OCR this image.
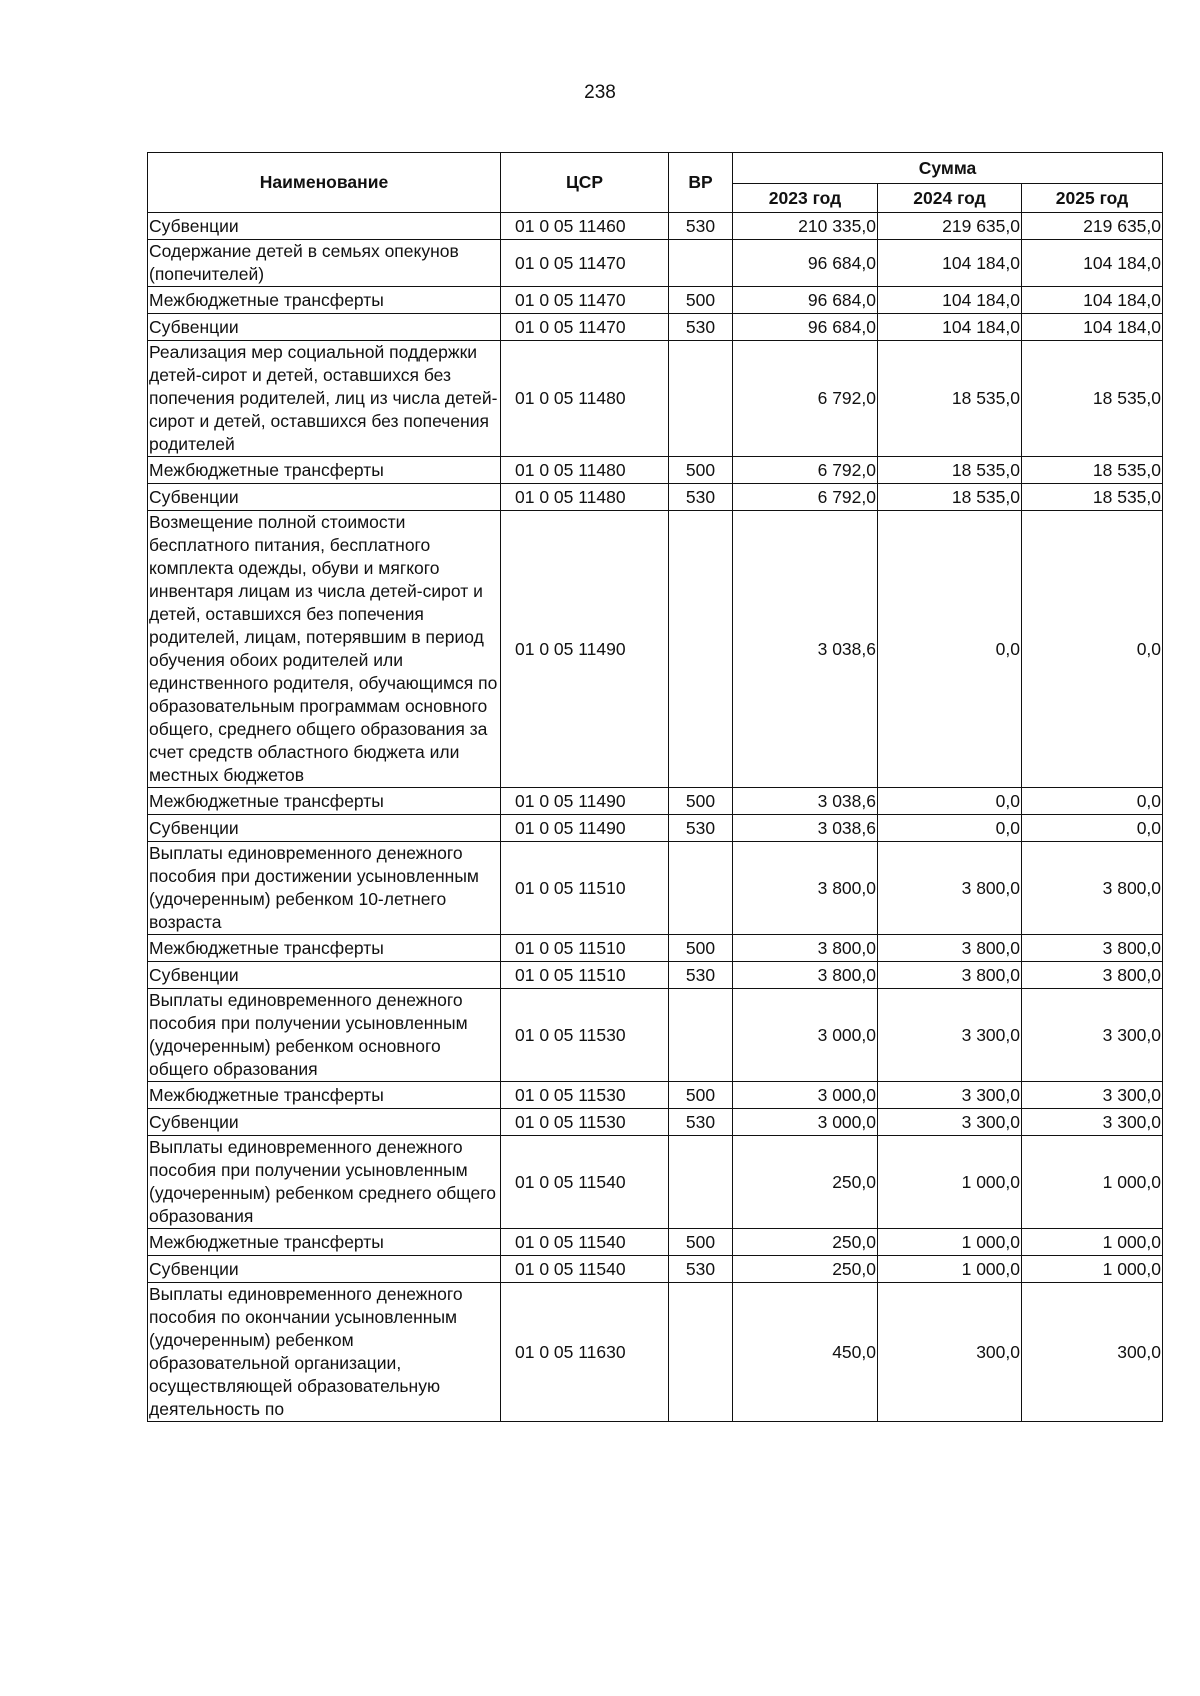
238
Наименование	ЦСР	ВР	Сумма		
			2023 год	2024 год	2025 год
Субвенции	01 0 05 11460	530	210 335,0	219 635,0	219 635,0
Содержание детей в семьях опекунов (попечителей)	01 0 05 11470		96 684,0	104 184,0	104 184,0
Межбюджетные трансферты	01 0 05 11470	500	96 684,0	104 184,0	104 184,0
Субвенции	01 0 05 11470	530	96 684,0	104 184,0	104 184,0
Реализация мер социальной поддержки детей-сирот и детей, оставшихся без попечения родителей, лиц из числа детей-сирот и детей, оставшихся без попечения родителей	01 0 05 11480		6 792,0	18 535,0	18 535,0
Межбюджетные трансферты	01 0 05 11480	500	6 792,0	18 535,0	18 535,0
Субвенции	01 0 05 11480	530	6 792,0	18 535,0	18 535,0
Возмещение полной стоимости бесплатного питания, бесплатного комплекта одежды, обуви и мягкого инвентаря лицам из числа детей-сирот и детей, оставшихся без попечения родителей, лицам, потерявшим в период обучения обоих родителей или единственного родителя, обучающимся по образовательным программам основного общего, среднего общего образования за счет средств областного бюджета или местных бюджетов	01 0 05 11490		3 038,6	0,0	0,0
Межбюджетные трансферты	01 0 05 11490	500	3 038,6	0,0	0,0
Субвенции	01 0 05 11490	530	3 038,6	0,0	0,0
Выплаты единовременного денежного пособия при достижении усыновленным (удочеренным) ребенком 10-летнего возраста	01 0 05 11510		3 800,0	3 800,0	3 800,0
Межбюджетные трансферты	01 0 05 11510	500	3 800,0	3 800,0	3 800,0
Субвенции	01 0 05 11510	530	3 800,0	3 800,0	3 800,0
Выплаты единовременного денежного пособия при получении усыновленным (удочеренным) ребенком основного общего образования	01 0 05 11530		3 000,0	3 300,0	3 300,0
Межбюджетные трансферты	01 0 05 11530	500	3 000,0	3 300,0	3 300,0
Субвенции	01 0 05 11530	530	3 000,0	3 300,0	3 300,0
Выплаты единовременного денежного пособия при получении усыновленным (удочеренным) ребенком среднего общего образования	01 0 05 11540		250,0	1 000,0	1 000,0
Межбюджетные трансферты	01 0 05 11540	500	250,0	1 000,0	1 000,0
Субвенции	01 0 05 11540	530	250,0	1 000,0	1 000,0
Выплаты единовременного денежного пособия по окончании усыновленным (удочеренным) ребенком образовательной организации, осуществляющей образовательную деятельность по	01 0 05 11630		450,0	300,0	300,0
